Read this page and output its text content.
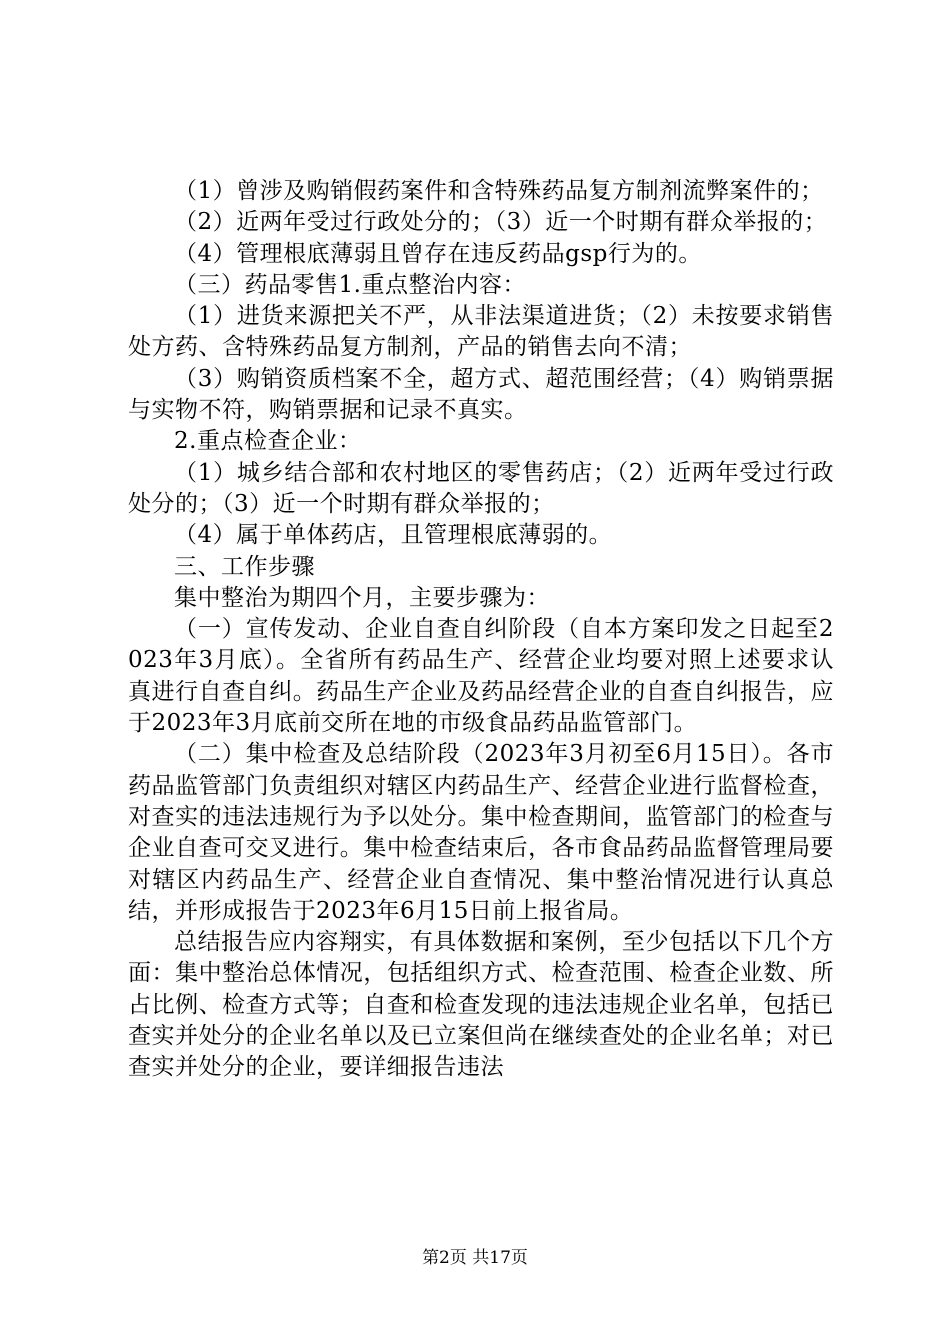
（1）曾涉及购销假药案件和含特殊药品复方制剂流弊案件的；

（2）近两年受过行政处分的；（3）近一个时期有群众举报的；

（4）管理根底薄弱且曾存在违反药品gsp行为的。

（三）药品零售1.重点整治内容：

（1）进货来源把关不严，从非法渠道进货；（2）未按要求销售处方药、含特殊药品复方制剂，产品的销售去向不清；

（3）购销资质档案不全，超方式、超范围经营；（4）购销票据与实物不符，购销票据和记录不真实。

2.重点检查企业：

（1）城乡结合部和农村地区的零售药店；（2）近两年受过行政处分的；（3）近一个时期有群众举报的；

（4）属于单体药店，且管理根底薄弱的。

三、工作步骤

集中整治为期四个月，主要步骤为：

（一）宣传发动、企业自查自纠阶段（自本方案印发之日起至2023年3月底）。全省所有药品生产、经营企业均要对照上述要求认真进行自查自纠。药品生产企业及药品经营企业的自查自纠报告，应于2023年3月底前交所在地的市级食品药品监管部门。

（二）集中检查及总结阶段（2023年3月初至6月15日）。各市药品监管部门负责组织对辖区内药品生产、经营企业进行监督检查，对查实的违法违规行为予以处分。集中检查期间，监管部门的检查与企业自查可交叉进行。集中检查结束后，各市食品药品监督管理局要对辖区内药品生产、经营企业自查情况、集中整治情况进行认真总结，并形成报告于2023年6月15日前上报省局。

总结报告应内容翔实，有具体数据和案例，至少包括以下几个方面：集中整治总体情况，包括组织方式、检查范围、检查企业数、所占比例、检查方式等；自查和检查发现的违法违规企业名单，包括已查实并处分的企业名单以及已立案但尚在继续查处的企业名单；对已查实并处分的企业，要详细报告违法

第2页 共17页
